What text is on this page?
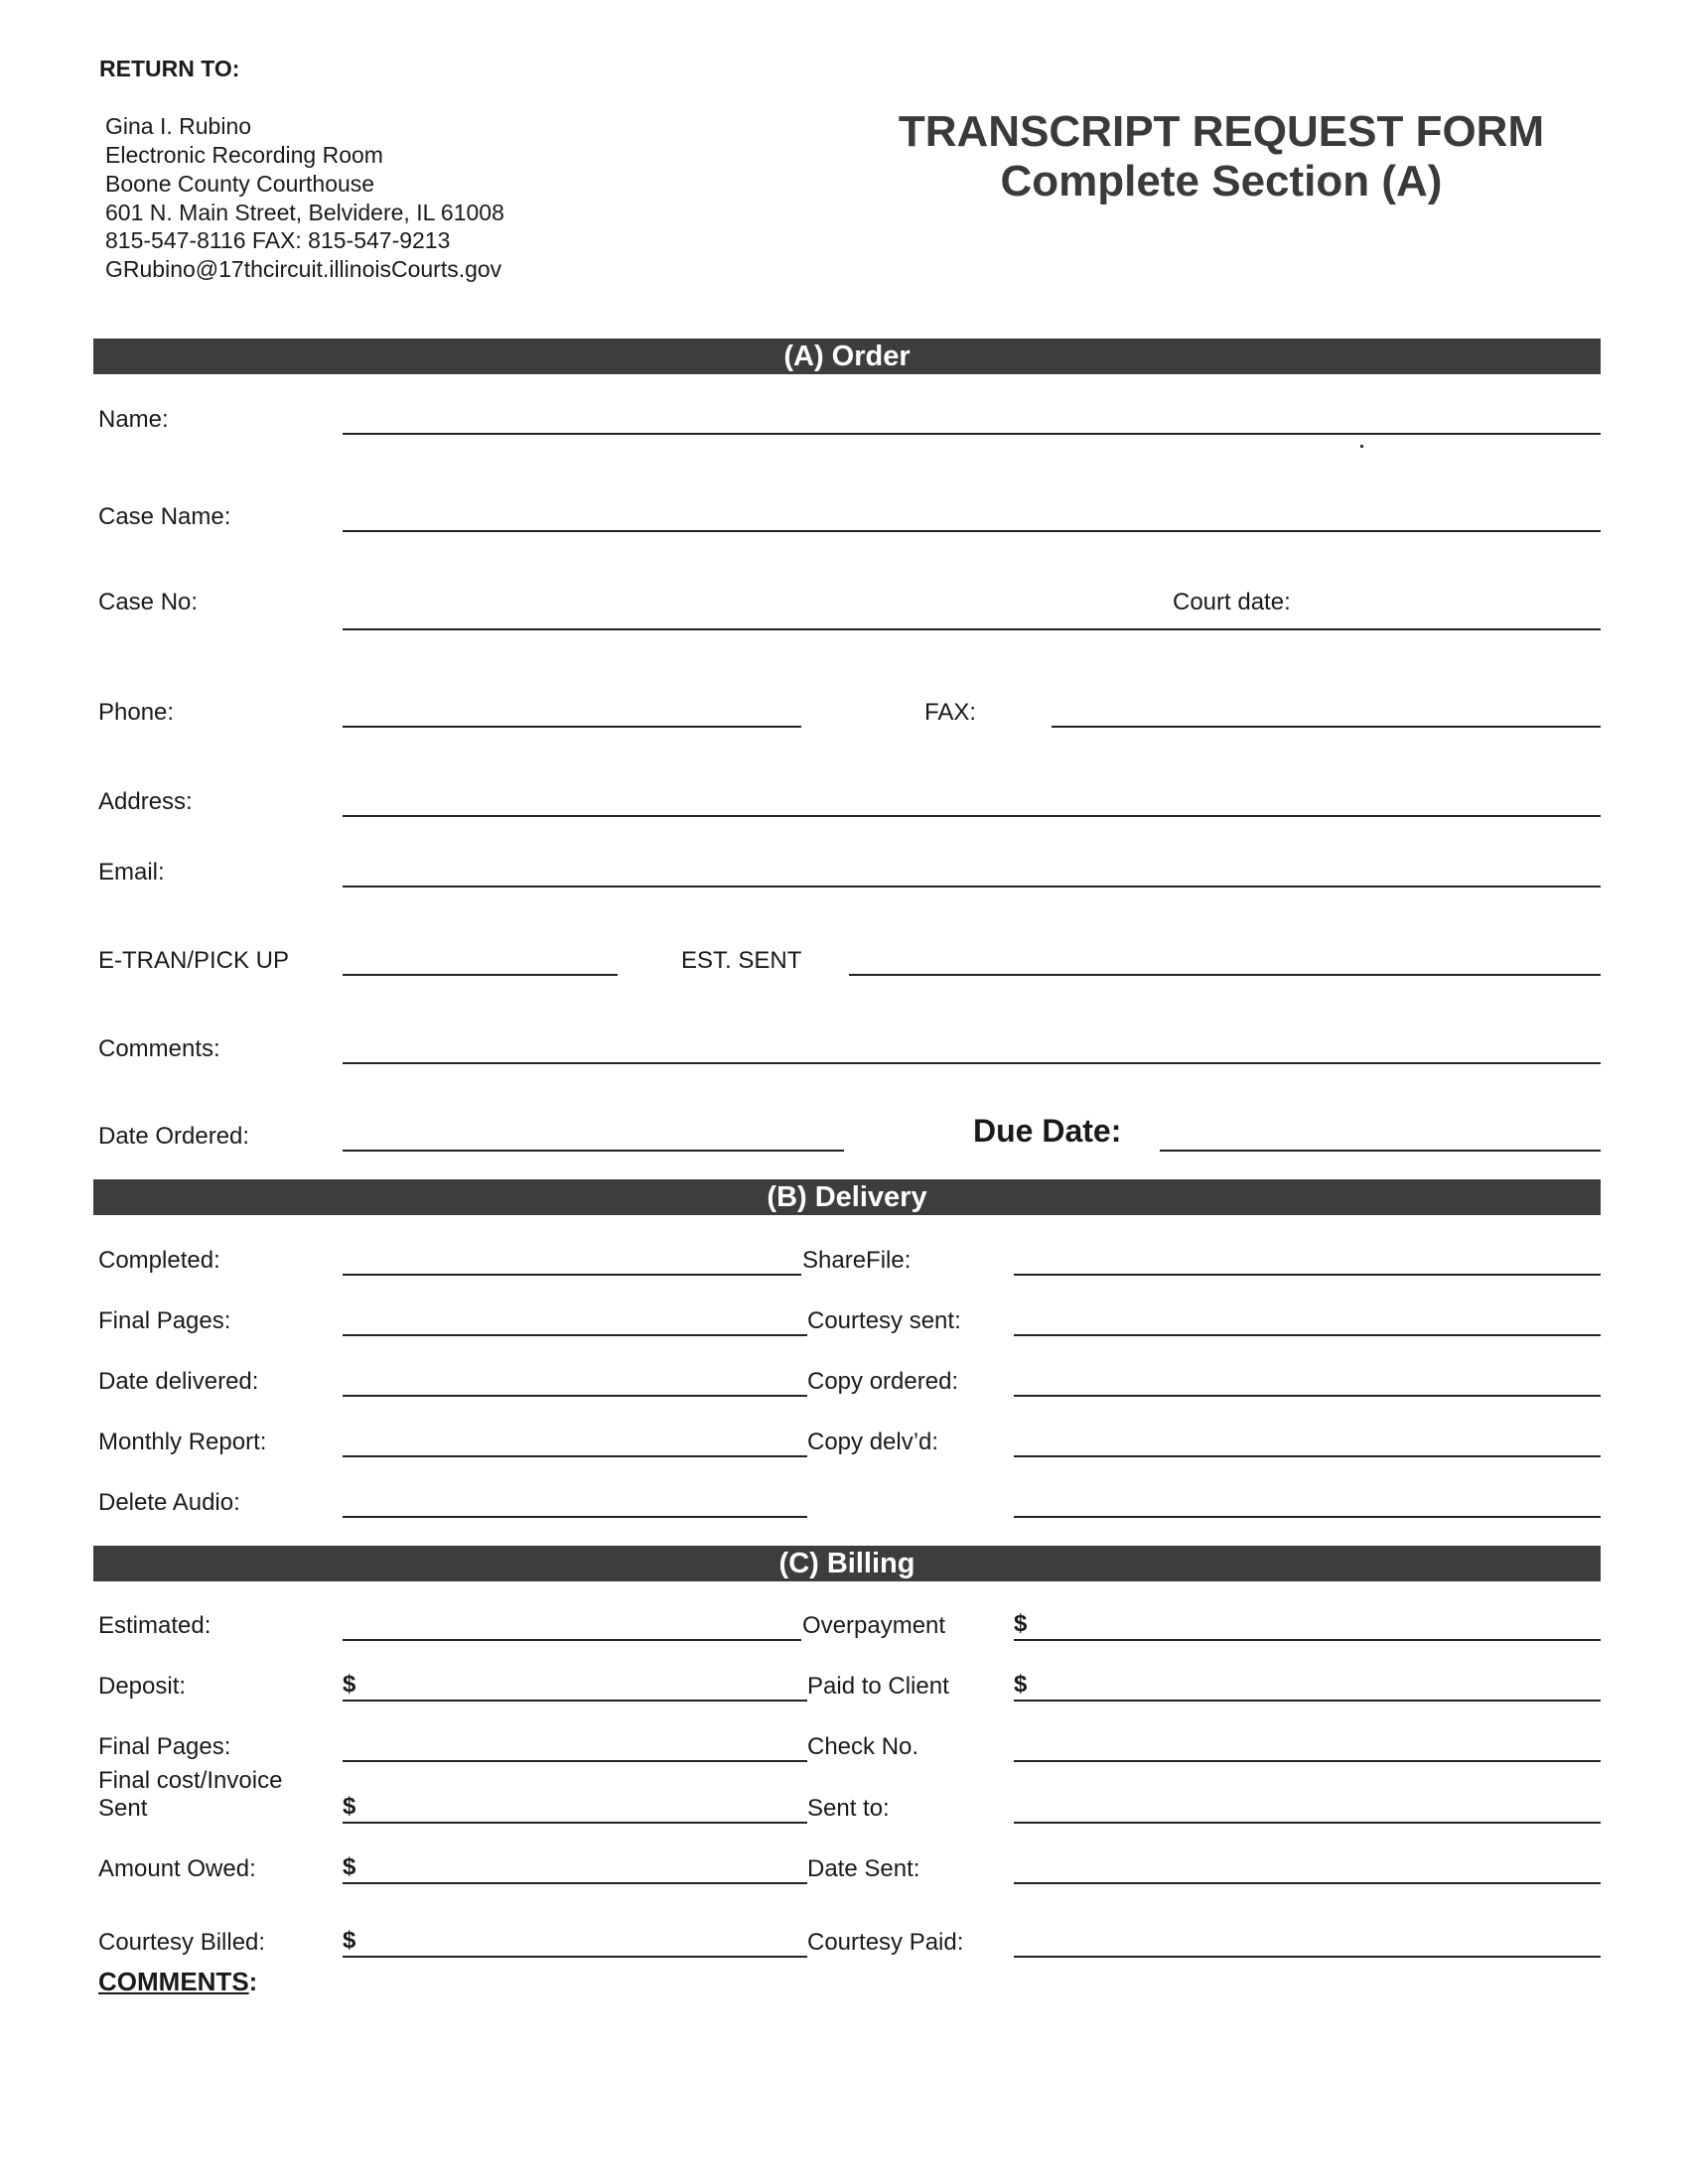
RETURN TO:
Gina I. Rubino
Electronic Recording Room
Boone County Courthouse
601 N. Main Street, Belvidere, IL 61008
815-547-8116 FAX: 815-547-9213
GRubino@17thcircuit.illinoisCourts.gov
TRANSCRIPT REQUEST FORM
Complete Section (A)
(A) Order
Name:
Case Name:
Case No:	Court date:
Phone:	FAX:
Address:
Email:
E-TRAN/PICK UP	EST. SENT
Comments:
Date Ordered:	Due Date:
(B) Delivery
Completed:	ShareFile:
Final Pages:	Courtesy sent:
Date delivered:	Copy ordered:
Monthly Report:	Copy delv’d:
Delete Audio:
(C) Billing
Estimated:	Overpayment	$
Deposit:	$	Paid to Client	$
Final Pages:	Check No.
Final cost/Invoice
Sent	$	Sent to:
Amount Owed:	$	Date Sent:
Courtesy Billed:	$	Courtesy Paid:
COMMENTS:
